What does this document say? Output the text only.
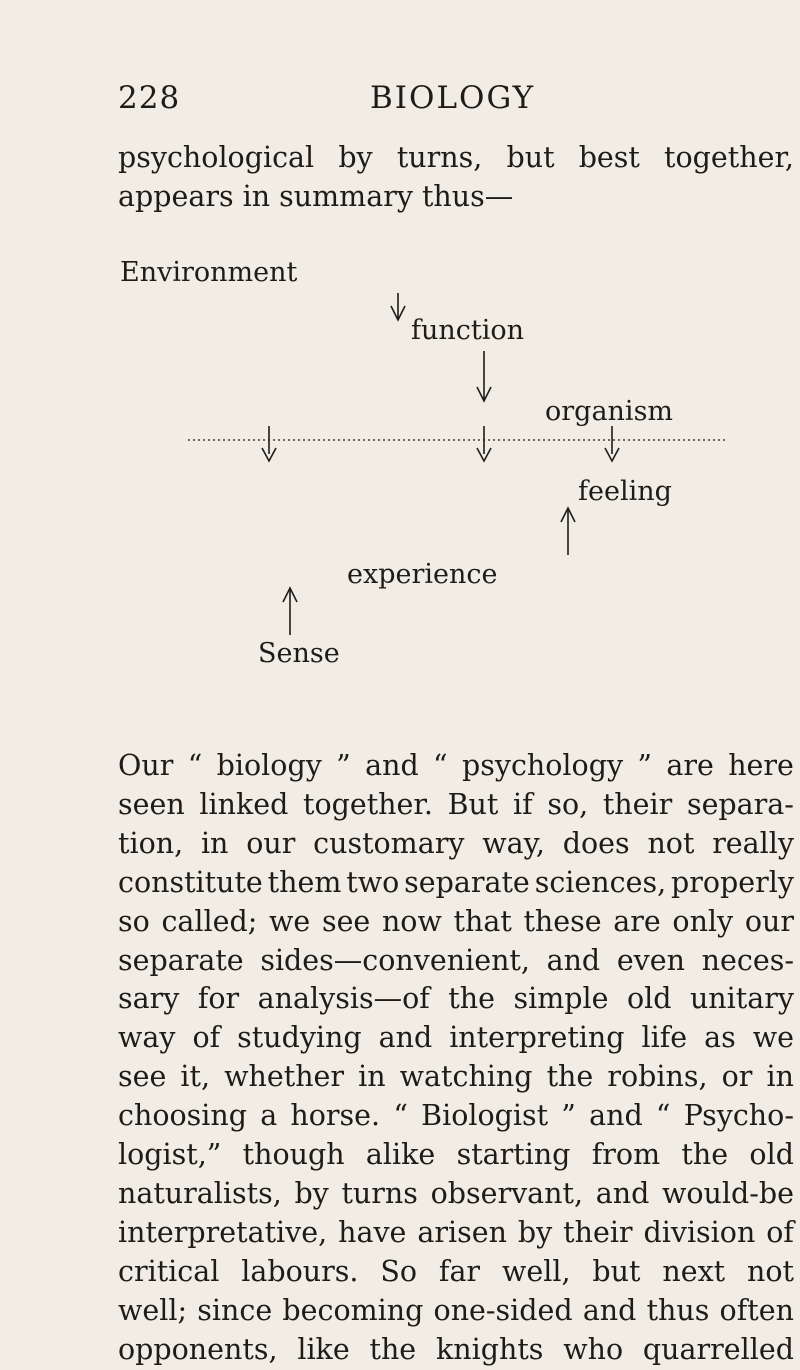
228	BIOLOGY
psychological by turns, but best together,
appears in summary thus—
Environment
function
organism
feeling
experience
Sense
Our “ biology ” and “ psychology ” are here
seen linked together. But if so, their separa-
tion, in our customary way, does not really
constitute them two separate sciences, properly
so called; we see now that these are only our
separate sides—convenient, and even neces-
sary for analysis—of the simple old unitary
way of studying and interpreting life as we
see it, whether in watching the robins, or in
choosing a horse. “ Biologist ” and “ Psycho-
logist,” though alike starting from the old
naturalists, by turns observant, and would-be
interpretative, have arisen by their division of
critical labours. So far well, but next not
well; since becoming one-sided and thus often
opponents, like the knights who quarrelled
